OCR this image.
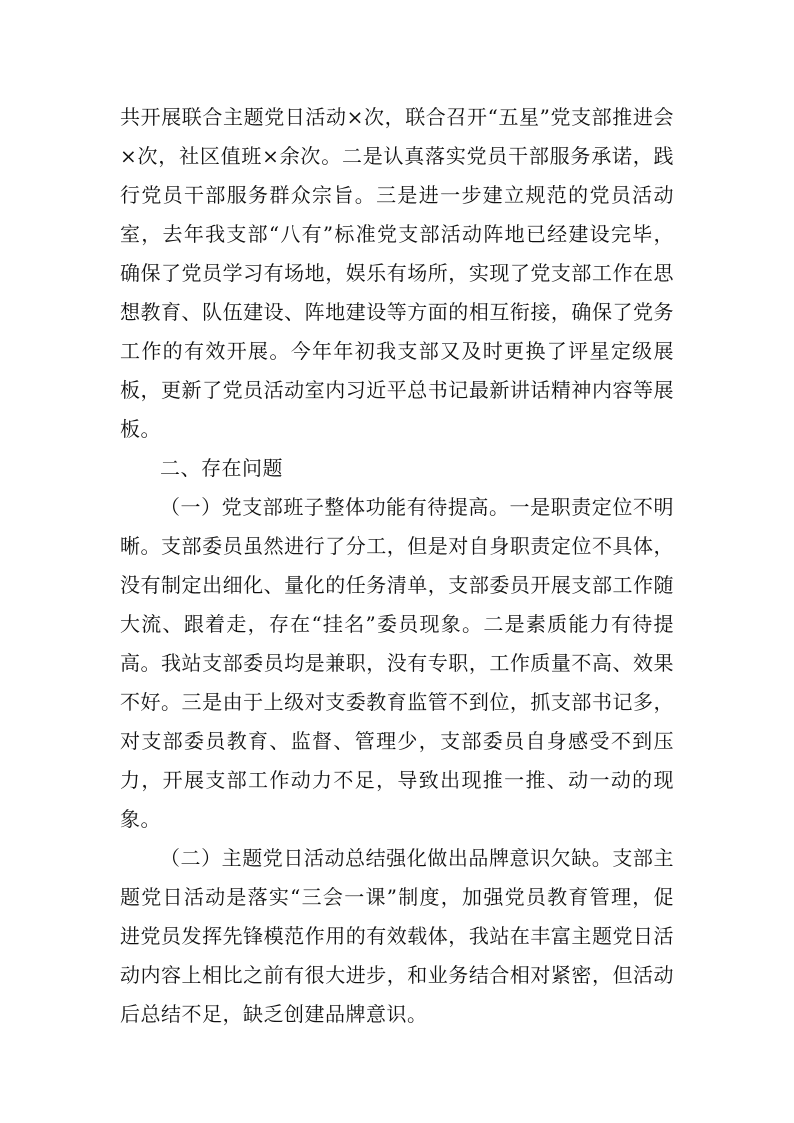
共开展联合主题党日活动×次，联合召开“五星”党支部推进会×次，社区值班×余次。二是认真落实党员干部服务承诺，践行党员干部服务群众宗旨。三是进一步建立规范的党员活动室，去年我支部“八有”标准党支部活动阵地已经建设完毕，确保了党员学习有场地，娱乐有场所，实现了党支部工作在思想教育、队伍建设、阵地建设等方面的相互衔接，确保了党务工作的有效开展。今年年初我支部又及时更换了评星定级展板，更新了党员活动室内习近平总书记最新讲话精神内容等展板。

二、存在问题

（一）党支部班子整体功能有待提高。一是职责定位不明晰。支部委员虽然进行了分工，但是对自身职责定位不具体，没有制定出细化、量化的任务清单，支部委员开展支部工作随大流、跟着走，存在“挂名”委员现象。二是素质能力有待提高。我站支部委员均是兼职，没有专职，工作质量不高、效果不好。三是由于上级对支委教育监管不到位，抓支部书记多，对支部委员教育、监督、管理少，支部委员自身感受不到压力，开展支部工作动力不足，导致出现推一推、动一动的现象。

（二）主题党日活动总结强化做出品牌意识欠缺。支部主题党日活动是落实“三会一课”制度，加强党员教育管理，促进党员发挥先锋模范作用的有效载体，我站在丰富主题党日活动内容上相比之前有很大进步，和业务结合相对紧密，但活动后总结不足，缺乏创建品牌意识。
